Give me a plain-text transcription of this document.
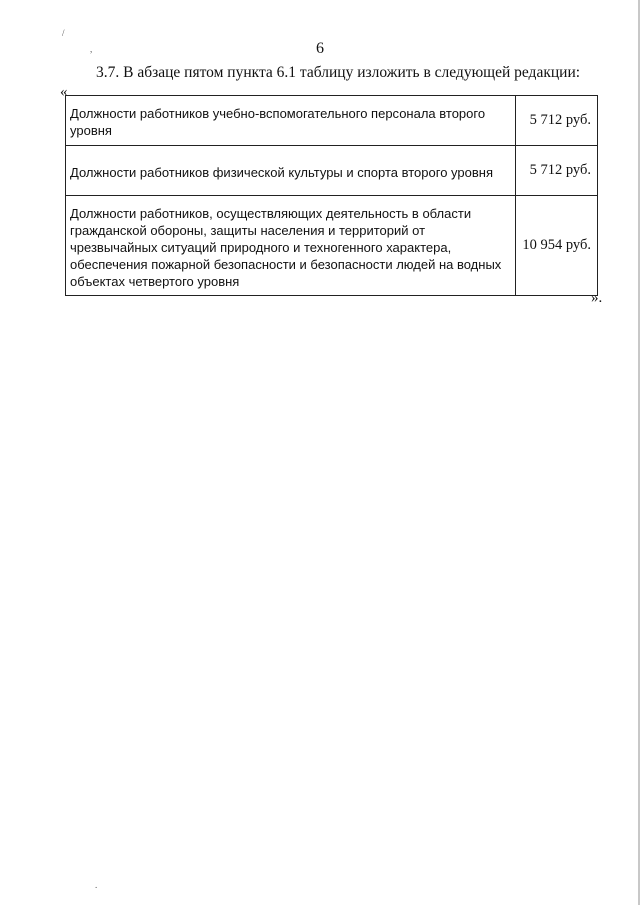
/
,
.
6
3.7. В абзаце пятом пункта 6.1 таблицу изложить в следующей редакции:
«
Должности работников учебно-вспомогательного персонала второго уровня	5 712 руб.
Должности работников физической культуры и спорта второго уровня	5 712 руб.
Должности работников, осуществляющих деятельность в области гражданской обороны, защиты населения и территорий от чрезвычайных ситуаций природного и техногенного характера, обеспечения пожарной безопасности и безопасности людей на водных объектах четвертого уровня	10 954 руб.
».
